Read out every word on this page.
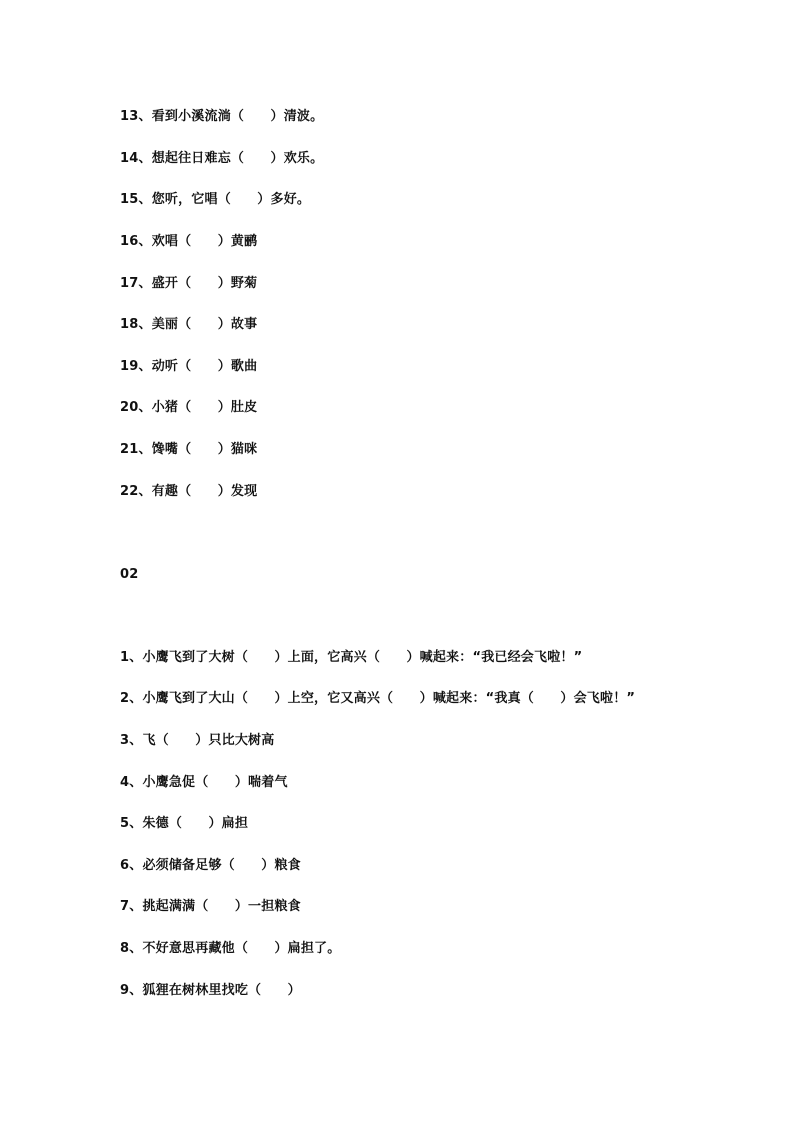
13、看到小溪流淌（　　）清波。
14、想起往日难忘（　　）欢乐。
15、您听，它唱（　　）多好。
16、欢唱（　　）黄鹂
17、盛开（　　）野菊
18、美丽（　　）故事
19、动听（　　）歌曲
20、小猪（　　）肚皮
21、馋嘴（　　）猫咪
22、有趣（　　）发现
02
1、小鹰飞到了大树（　　）上面，它高兴（　　）喊起来：“我已经会飞啦！”
2、小鹰飞到了大山（　　）上空，它又高兴（　　）喊起来：“我真（　　）会飞啦！”
3、飞（　　）只比大树高
4、小鹰急促（　　）喘着气
5、朱德（　　）扁担
6、必须储备足够（　　）粮食
7、挑起满满（　　）一担粮食
8、不好意思再藏他（　　）扁担了。
9、狐狸在树林里找吃（　　）
